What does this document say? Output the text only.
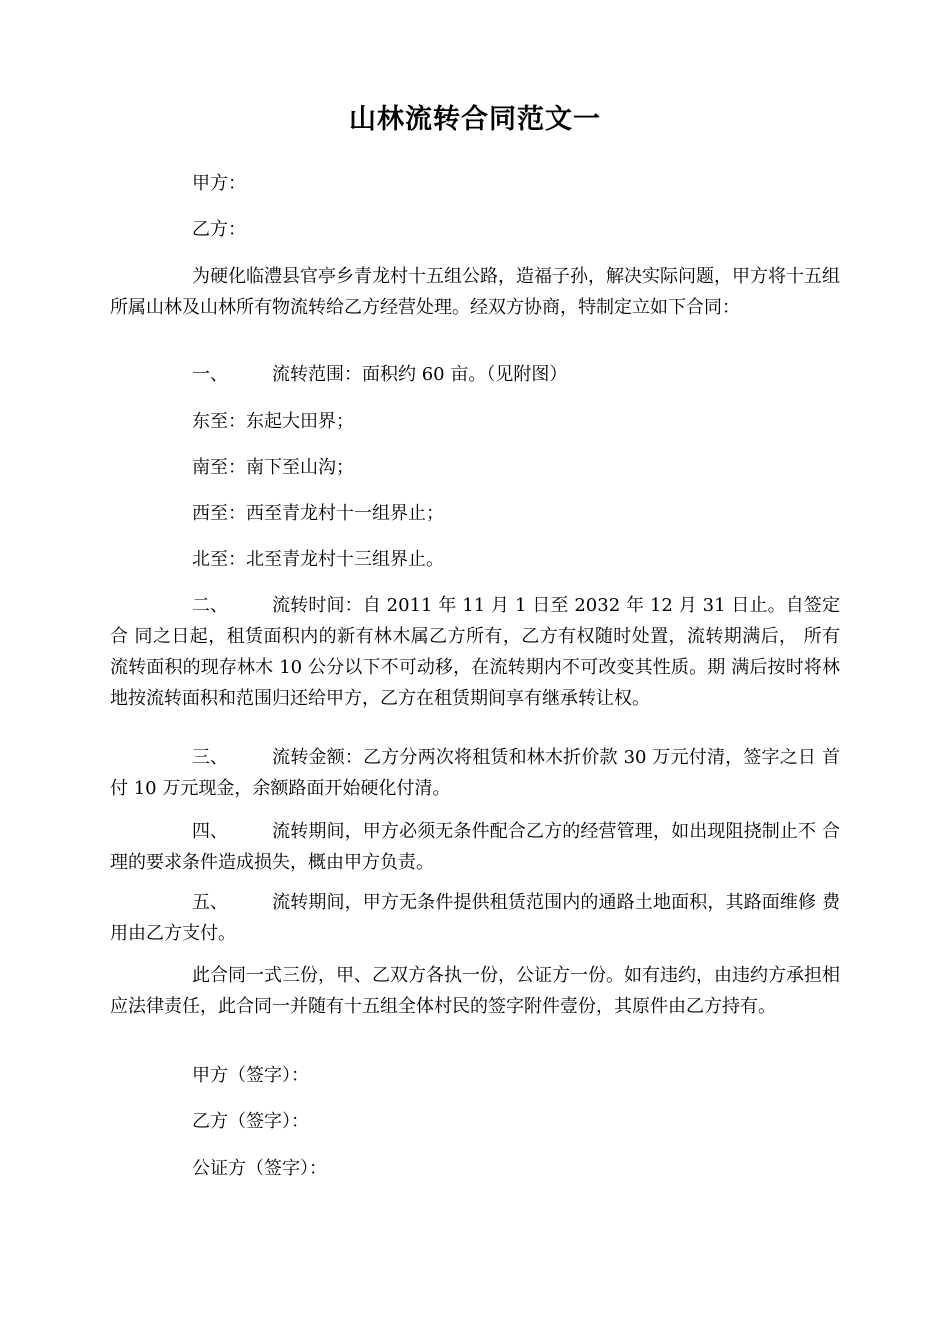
山林流转合同范文一
甲方：
乙方：
为硬化临澧县官亭乡青龙村十五组公路，造福子孙，解决实际问题，甲方将十五组所属山林及山林所有物流转给乙方经营处理。经双方协商，特制定立如下合同：
一、 流转范围：面积约 60 亩。（见附图）
东至：东起大田界；
南至：南下至山沟；
西至：西至青龙村十一组界止；
北至：北至青龙村十三组界止。
二、 流转时间：自 2011 年 11 月 1 日至 2032 年 12 月 31 日止。自签定合 同之日起，租赁面积内的新有林木属乙方所有，乙方有权随时处置，流转期满后， 所有流转面积的现存林木 10 公分以下不可动移，在流转期内不可改变其性质。期 满后按时将林地按流转面积和范围归还给甲方，乙方在租赁期间享有继承转让权。
三、 流转金额：乙方分两次将租赁和林木折价款 30 万元付清，签字之日 首付 10 万元现金，余额路面开始硬化付清。
四、 流转期间，甲方必须无条件配合乙方的经营管理，如出现阻挠制止不 合理的要求条件造成损失，概由甲方负责。
五、 流转期间，甲方无条件提供租赁范围内的通路土地面积，其路面维修 费用由乙方支付。
此合同一式三份，甲、乙双方各执一份，公证方一份。如有违约，由违约方承担相应法律责任，此合同一并随有十五组全体村民的签字附件壹份，其原件由乙方持有。
甲方（签字）：
乙方（签字）：
公证方（签字）：
